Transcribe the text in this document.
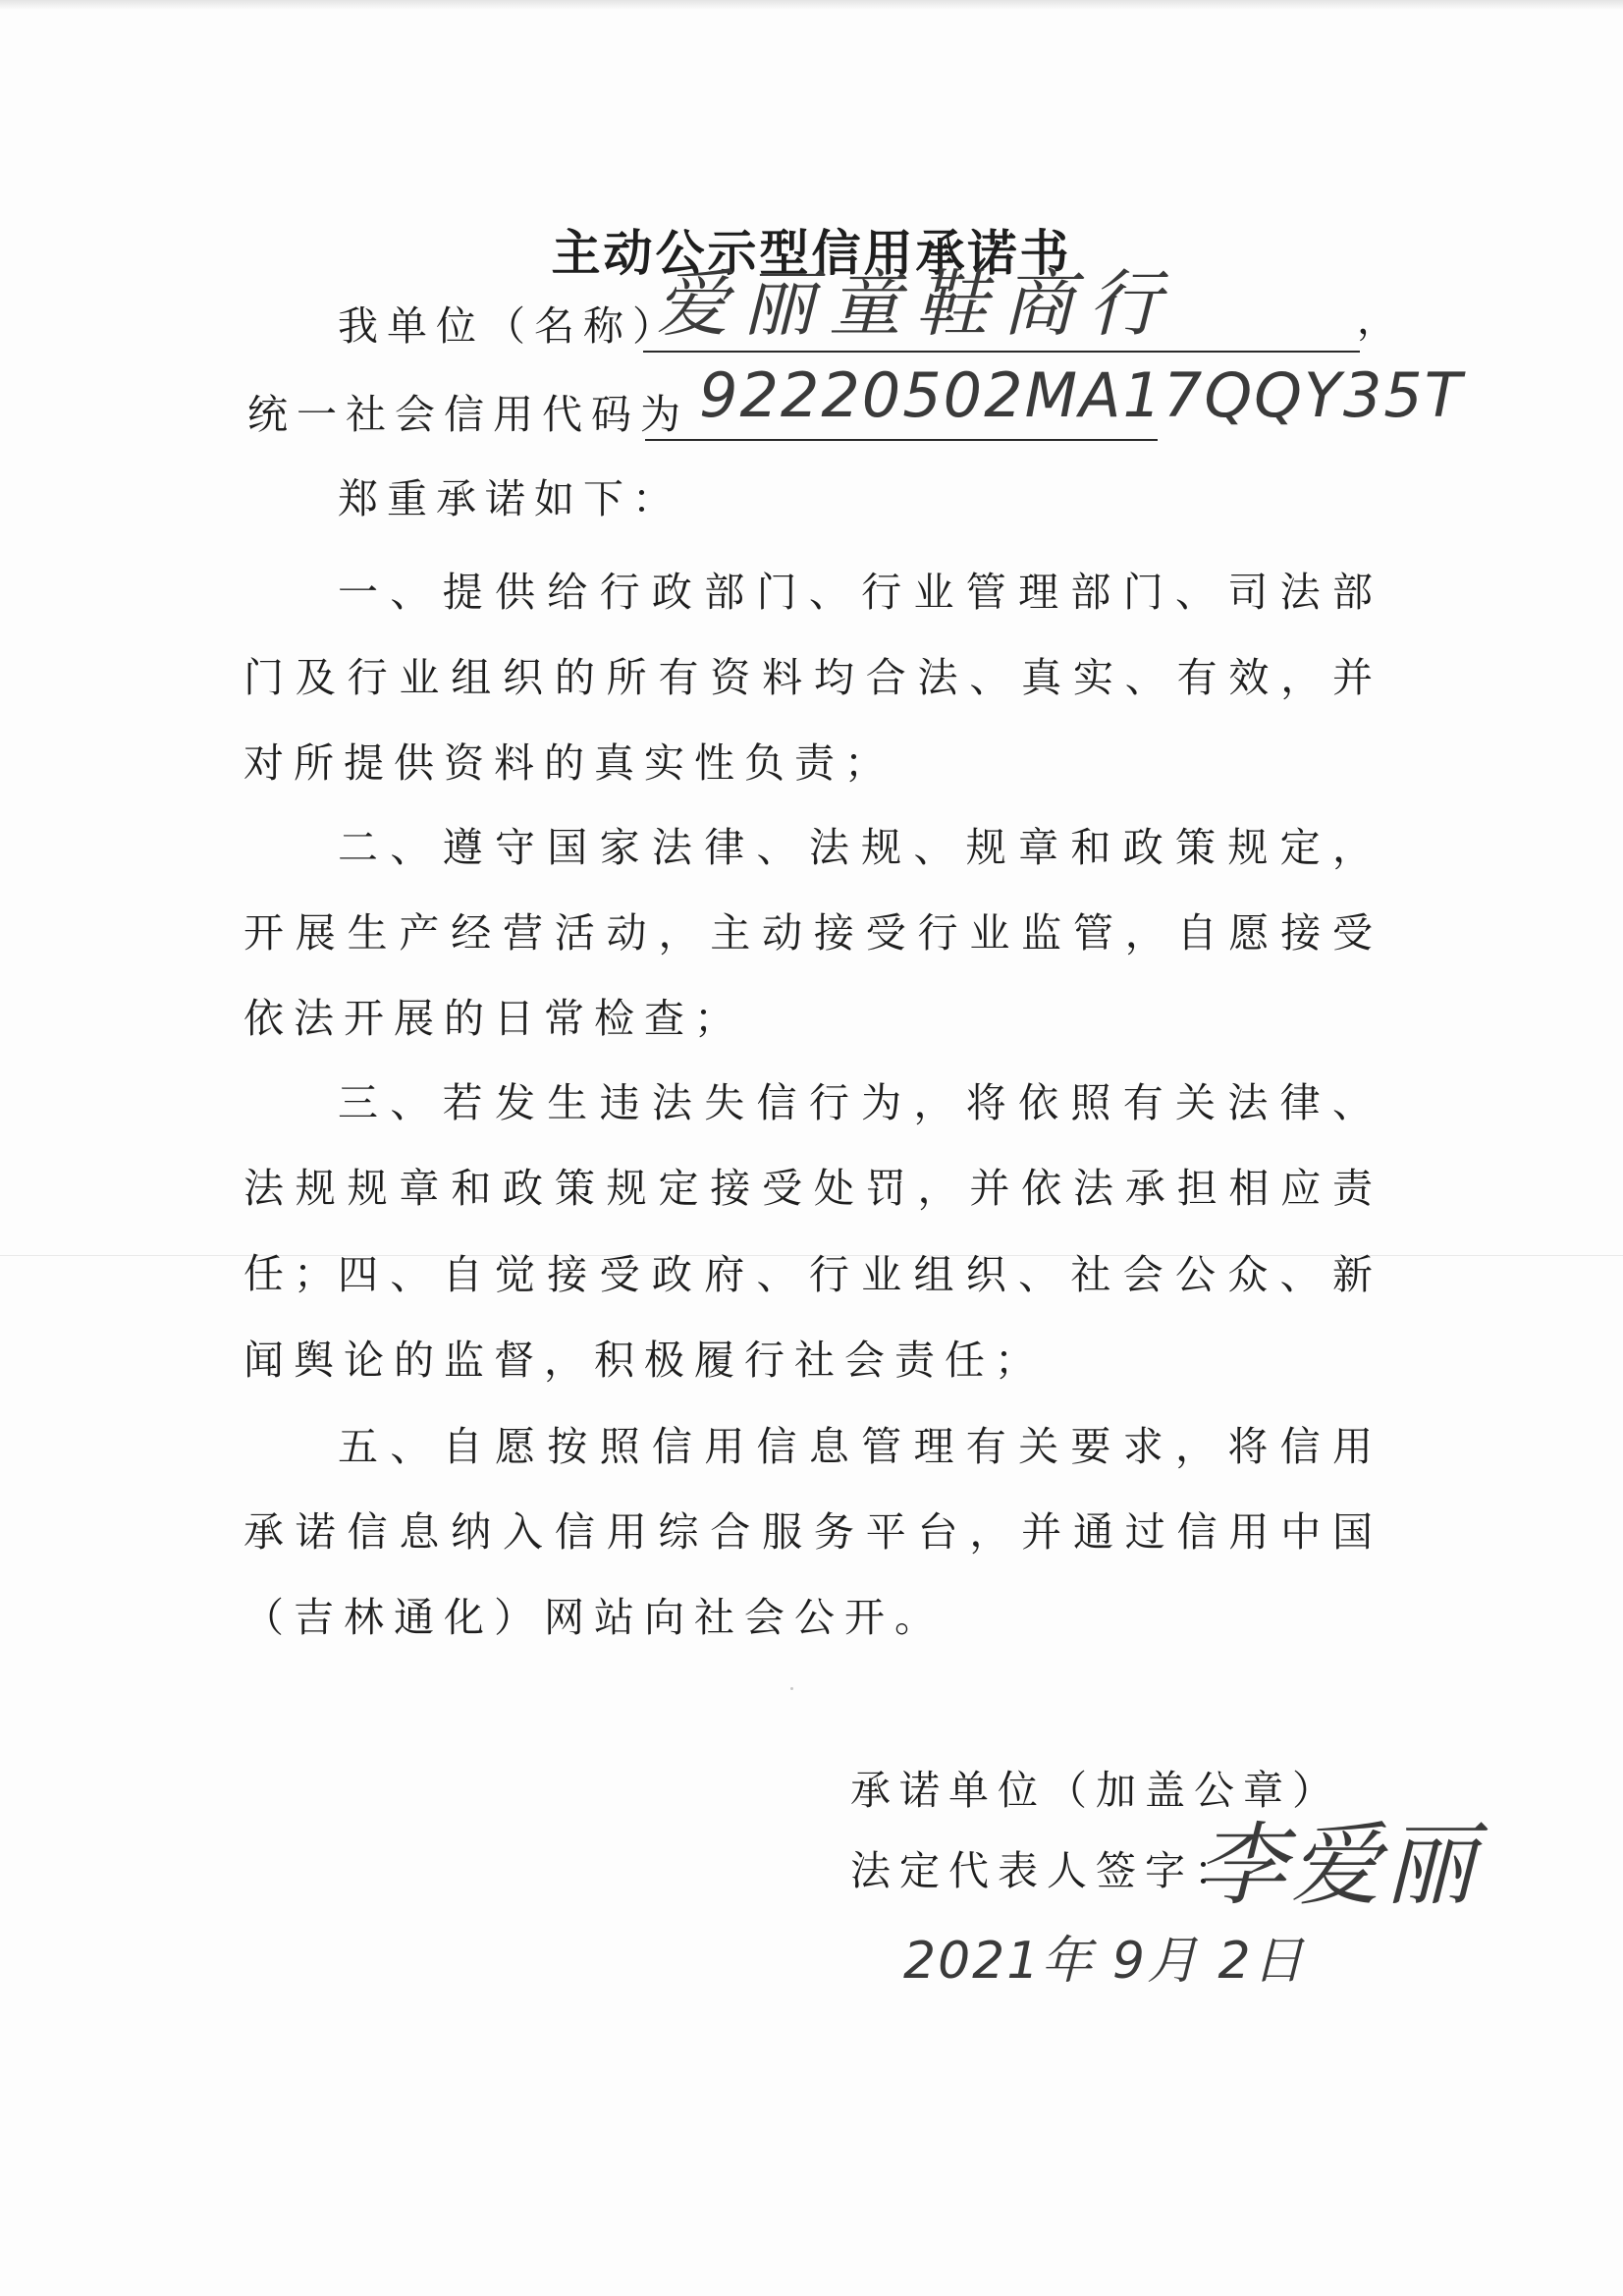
主动公示型信用承诺书
我单位（名称）
爱丽童鞋商行	，
统一社会信用代码为 92220502MA17QQY35T
郑重承诺如下：

一、提供给行政部门、行业管理部门、司法部门及行业组织的所有资料均合法、真实、有效，并对所提供资料的真实性负责；

二、遵守国家法律、法规、规章和政策规定，开展生产经营活动，主动接受行业监管，自愿接受依法开展的日常检查；

三、若发生违法失信行为，将依照有关法律、法规规章和政策规定接受处罚，并依法承担相应责任；

四、自觉接受政府、行业组织、社会公众、新闻舆论的监督，积极履行社会责任；

五、自愿按照信用信息管理有关要求，将信用承诺信息纳入信用综合服务平台，并通过信用中国（吉林通化）网站向社会公开。

承诺单位（加盖公章）
法定代表人签字：
李爱丽
2021年 9月 2日
